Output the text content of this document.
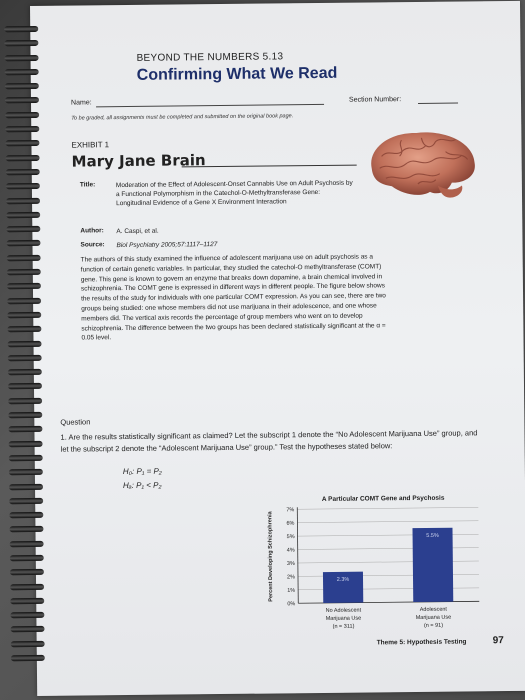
BEYOND THE NUMBERS 5.13
Confirming What We Read
Name:	Section Number:
To be graded, all assignments must be completed and submitted on the original book page.
EXHIBIT 1
Mary Jane Brain
Title:	Moderation of the Effect of Adolescent-Onset Cannabis Use on Adult Psychosis by a Functional Polymorphism in the Catechol-O-Methyltransferase Gene: Longitudinal Evidence of a Gene X Environment Interaction
Author: A. Caspi, et al.
Source: Biol Psychiatry 2005;57:1117–1127
The authors of this study examined the influence of adolescent marijuana use on adult psychosis as a function of certain genetic variables. In particular, they studied the catechol-O methyltransferase (COMT) gene. This gene is known to govern an enzyme that breaks down dopamine, a brain chemical involved in schizophrenia. The COMT gene is expressed in different ways in different people. The figure below shows the results of the study for individuals with one particular COMT expression. As you can see, there are two groups being studied: one whose members did not use marijuana in their adolescence, and one whose members did. The vertical axis records the percentage of group members who went on to develop schizophrenia. The difference between the two groups has been declared statistically significant at the α = 0.05 level.
Question
1. Are the results statistically significant as claimed? Let the subscript 1 denote the “No Adolescent Marijuana Use” group, and let the subscript 2 denote the “Adolescent Marijuana Use” group.” Test the hypotheses stated below:
H₀: P₁ = P₂
Hₐ: P₁ < P₂
A Particular COMT Gene and Psychosis
Percent Developing Schizophrenia
0%
1%
2%
3%
4%
5%
6%
7%
2.3%
No Adolescent
Marijuana Use
(n = 311)
5.5%
Adolescent
Marijuana Use
(n = 91)
Theme 5: Hypothesis Testing	97
